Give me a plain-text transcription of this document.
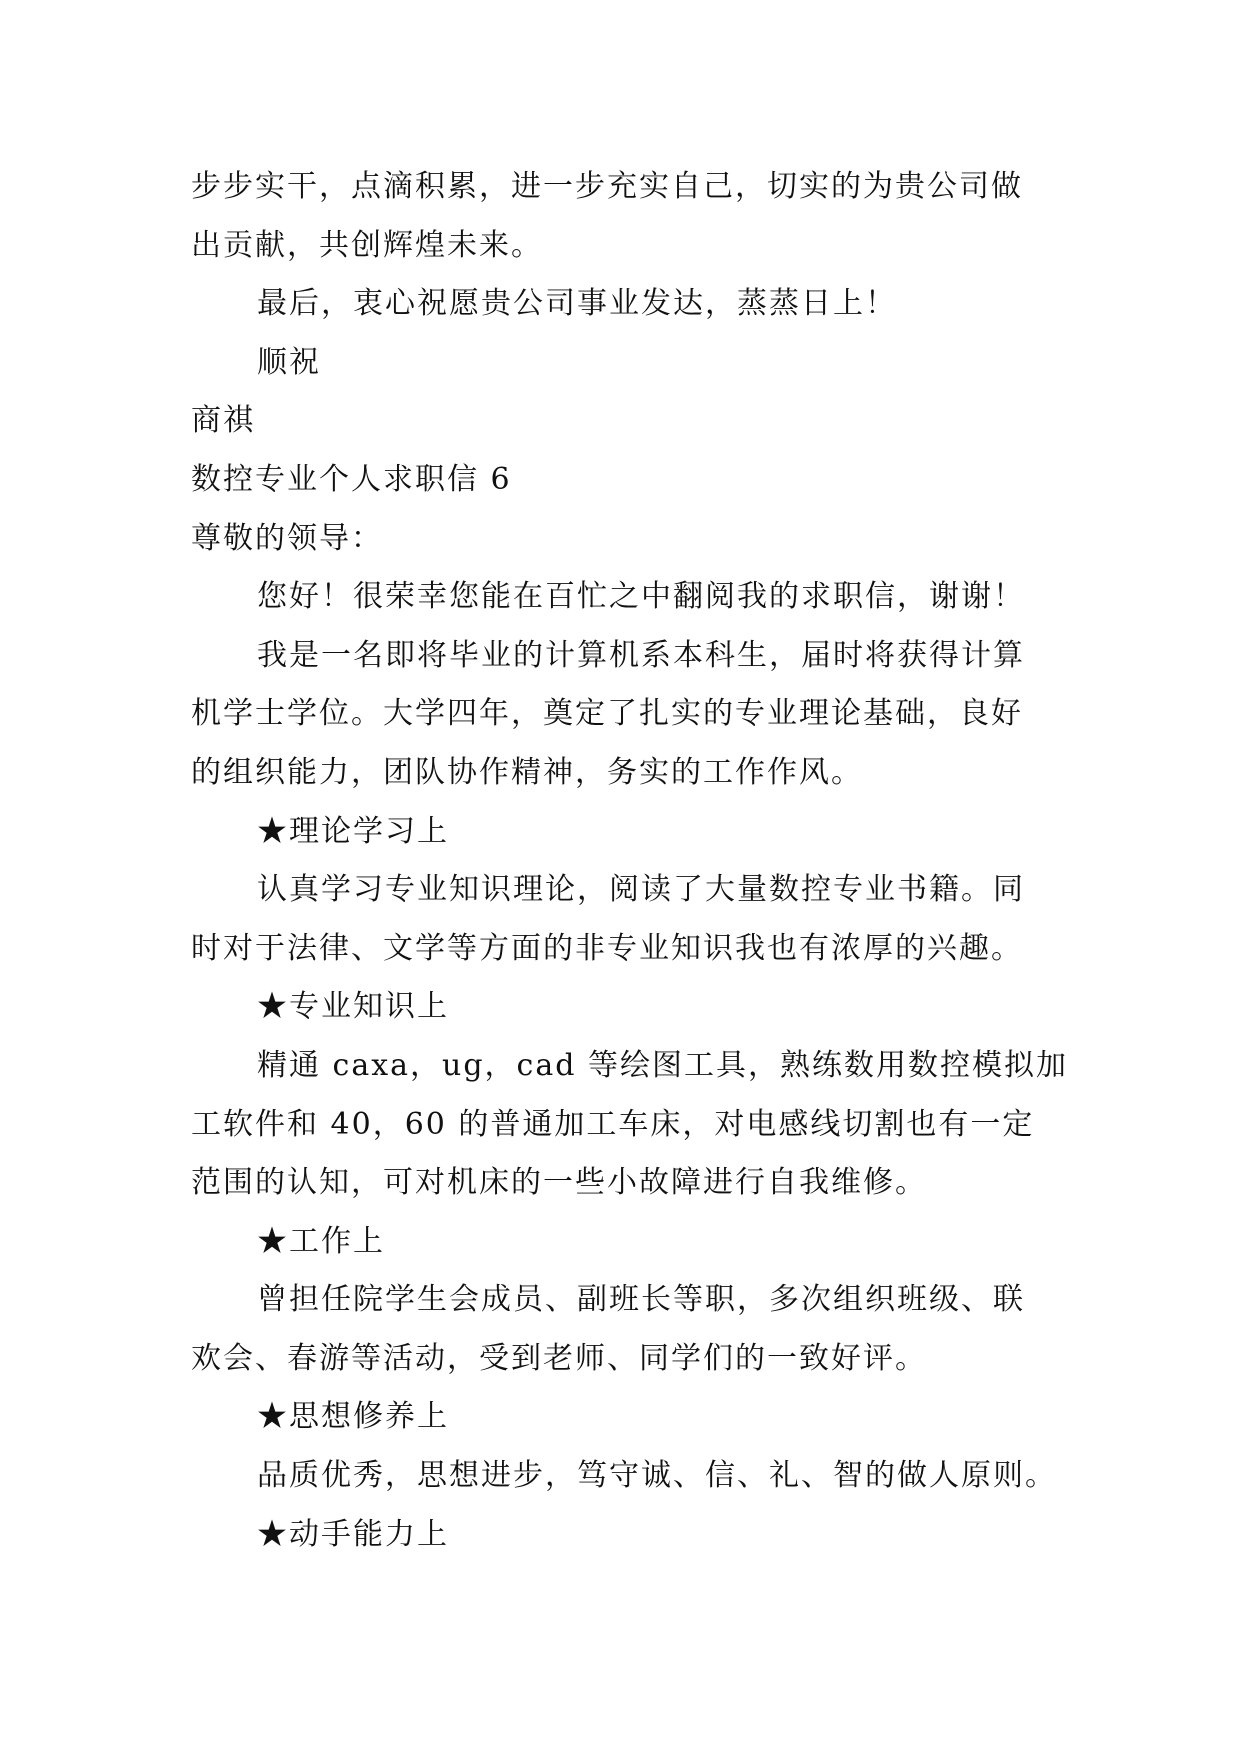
步步实干，点滴积累，进一步充实自己，切实的为贵公司做
出贡献，共创辉煌未来。
最后，衷心祝愿贵公司事业发达，蒸蒸日上！
顺祝
商祺
数控专业个人求职信 6
尊敬的领导：
您好！很荣幸您能在百忙之中翻阅我的求职信，谢谢！
我是一名即将毕业的计算机系本科生，届时将获得计算
机学士学位。大学四年，奠定了扎实的专业理论基础，良好
的组织能力，团队协作精神，务实的工作作风。
★理论学习上
认真学习专业知识理论，阅读了大量数控专业书籍。同
时对于法律、文学等方面的非专业知识我也有浓厚的兴趣。
★专业知识上
精通 caxa，ug，cad 等绘图工具，熟练数用数控模拟加
工软件和 40，60 的普通加工车床，对电感线切割也有一定
范围的认知，可对机床的一些小故障进行自我维修。
★工作上
曾担任院学生会成员、副班长等职，多次组织班级、联
欢会、春游等活动，受到老师、同学们的一致好评。
★思想修养上
品质优秀，思想进步，笃守诚、信、礼、智的做人原则。
★动手能力上
